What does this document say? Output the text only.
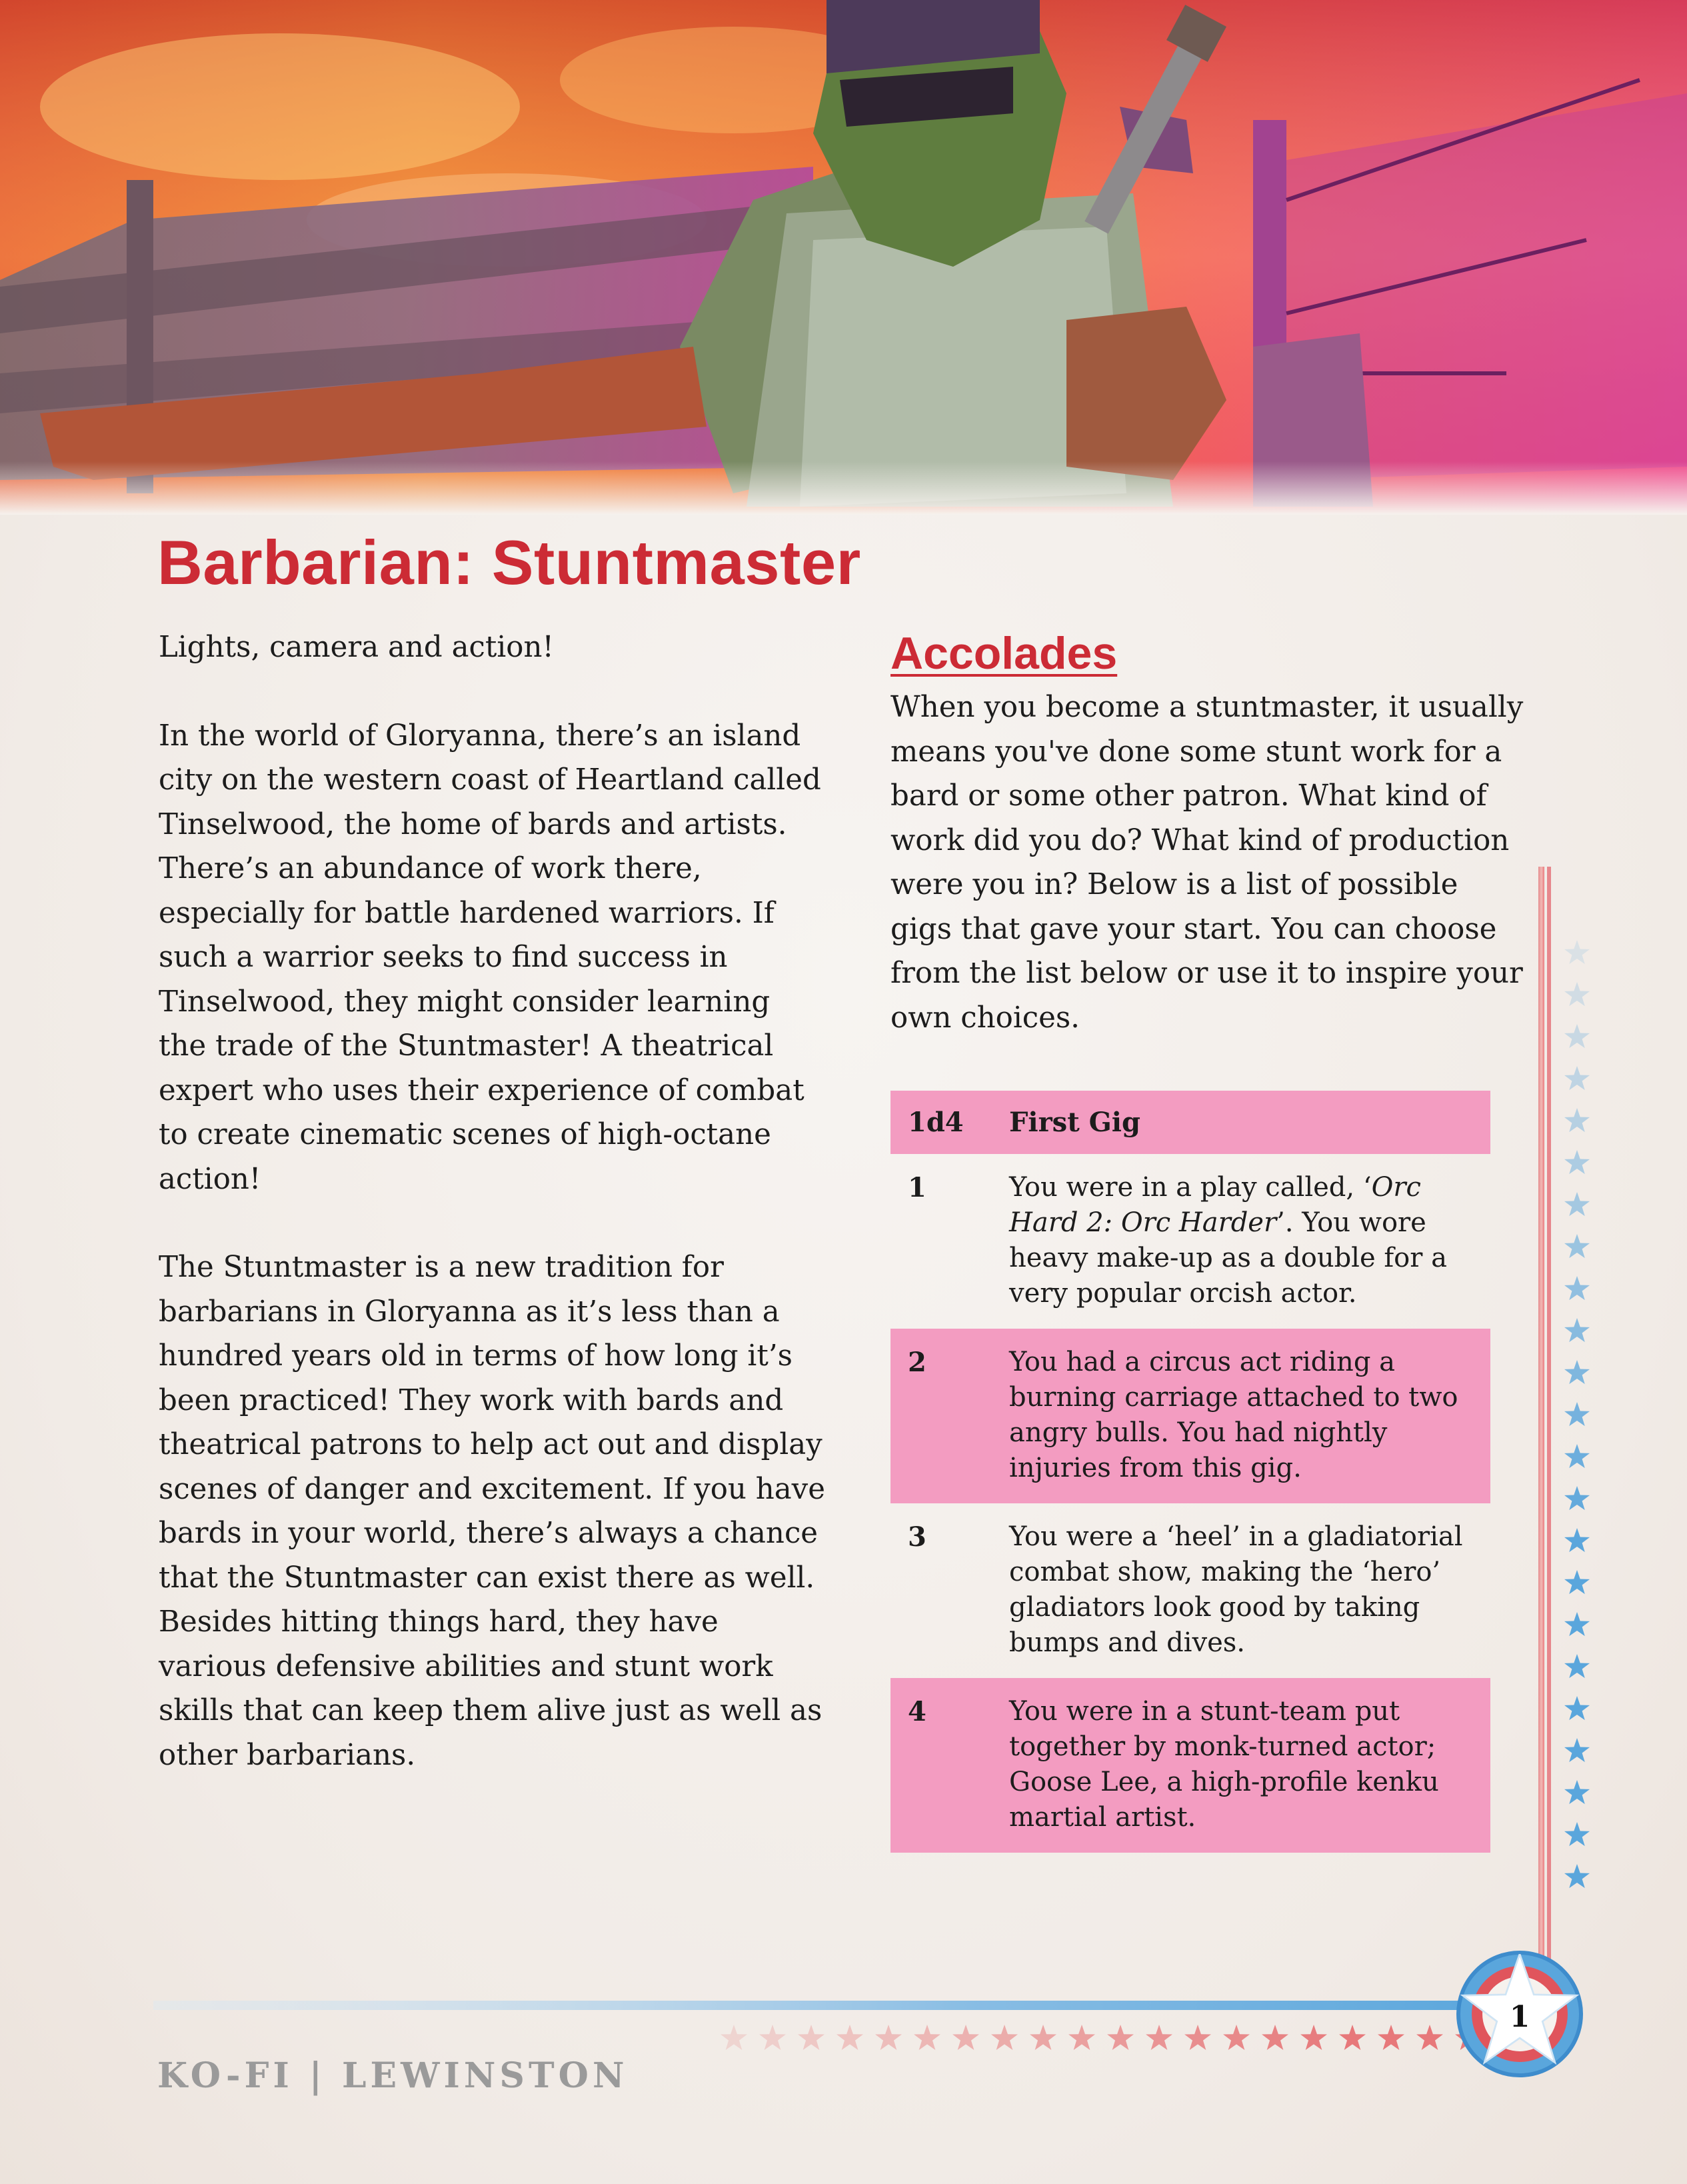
Barbarian: Stuntmaster

Lights, camera and action!

In the world of Gloryanna, there’s an island city on the western coast of Heartland called Tinselwood, the home of bards and artists. There’s an abundance of work there, especially for battle hardened warriors. If such a warrior seeks to find success in Tinselwood, they might consider learning the trade of the Stuntmaster! A theatrical expert who uses their experience of combat to create cinematic scenes of high-octane action!

The Stuntmaster is a new tradition for barbarians in Gloryanna as it’s less than a hundred years old in terms of how long it’s been practiced! They work with bards and theatrical patrons to help act out and display scenes of danger and excitement. If you have bards in your world, there’s always a chance that the Stuntmaster can exist there as well. Besides hitting things hard, they have various defensive abilities and stunt work skills that can keep them alive just as well as other barbarians.

Accolades

When you become a stuntmaster, it usually means you've done some stunt work for a bard or some other patron. What kind of work did you do? What kind of production were you in? Below is a list of possible gigs that gave your start. You can choose from the list below or use it to inspire your own choices.

1d4	First Gig
1	You were in a play called, ‘Orc Hard 2: Orc Harder’. You wore heavy make-up as a double for a very popular orcish actor.
2	You had a circus act riding a burning carriage attached to two angry bulls. You had nightly injuries from this gig.
3	You were a ‘heel’ in a gladiatorial combat show, making the ‘hero’ gladiators look good by taking bumps and dives.
4	You were in a stunt-team put together by monk-turned actor; Goose Lee, a high-profile kenku martial artist.
KO-FI | LEWINSTON
1
